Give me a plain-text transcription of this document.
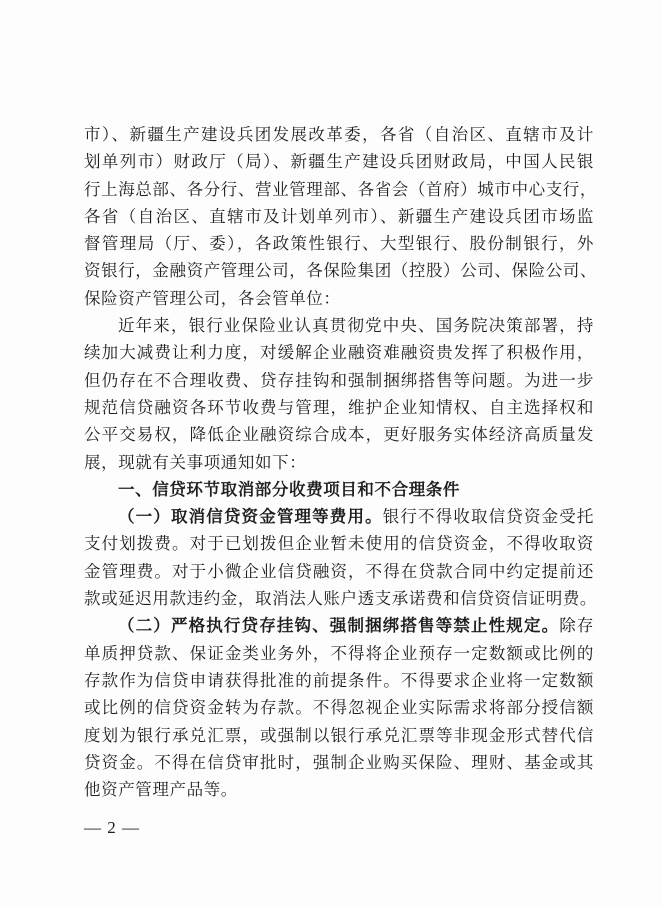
市）、新疆生产建设兵团发展改革委，各省（自治区、直辖市及计
划单列市）财政厅（局）、新疆生产建设兵团财政局，中国人民银
行上海总部、各分行、营业管理部、各省会（首府）城市中心支行，
各省（自治区、直辖市及计划单列市）、新疆生产建设兵团市场监
督管理局（厅、委），各政策性银行、大型银行、股份制银行，外
资银行，金融资产管理公司，各保险集团（控股）公司、保险公司、
保险资产管理公司，各会管单位：
近年来，银行业保险业认真贯彻党中央、国务院决策部署，持
续加大减费让利力度，对缓解企业融资难融资贵发挥了积极作用，
但仍存在不合理收费、贷存挂钩和强制捆绑搭售等问题。为进一步
规范信贷融资各环节收费与管理，维护企业知情权、自主选择权和
公平交易权，降低企业融资综合成本，更好服务实体经济高质量发
展，现就有关事项通知如下：
一、信贷环节取消部分收费项目和不合理条件
（一）取消信贷资金管理等费用。银行不得收取信贷资金受托
支付划拨费。对于已划拨但企业暂未使用的信贷资金，不得收取资
金管理费。对于小微企业信贷融资，不得在贷款合同中约定提前还
款或延迟用款违约金，取消法人账户透支承诺费和信贷资信证明费。
（二）严格执行贷存挂钩、强制捆绑搭售等禁止性规定。除存
单质押贷款、保证金类业务外，不得将企业预存一定数额或比例的
存款作为信贷申请获得批准的前提条件。不得要求企业将一定数额
或比例的信贷资金转为存款。不得忽视企业实际需求将部分授信额
度划为银行承兑汇票，或强制以银行承兑汇票等非现金形式替代信
贷资金。不得在信贷审批时，强制企业购买保险、理财、基金或其
他资产管理产品等。
— 2 —
